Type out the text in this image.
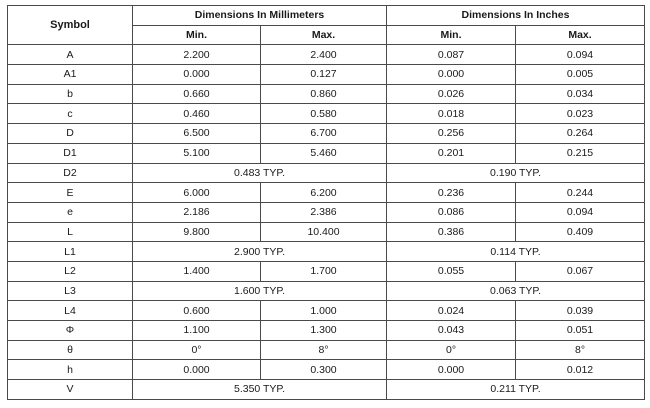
Symbol	Dimensions In Millimeters		Dimensions In Inches	
	Min.	Max.	Min.	Max.
A	2.200	2.400	0.087	0.094
A1	0.000	0.127	0.000	0.005
b	0.660	0.860	0.026	0.034
c	0.460	0.580	0.018	0.023
D	6.500	6.700	0.256	0.264
D1	5.100	5.460	0.201	0.215
D2	0.483 TYP.		0.190 TYP.	
E	6.000	6.200	0.236	0.244
e	2.186	2.386	0.086	0.094
L	9.800	10.400	0.386	0.409
L1	2.900 TYP.		0.114 TYP.	
L2	1.400	1.700	0.055	0.067
L3	1.600 TYP.		0.063 TYP.	
L4	0.600	1.000	0.024	0.039
Φ	1.100	1.300	0.043	0.051
θ	0°	8°	0°	8°
h	0.000	0.300	0.000	0.012
V	5.350 TYP.		0.211 TYP.	
